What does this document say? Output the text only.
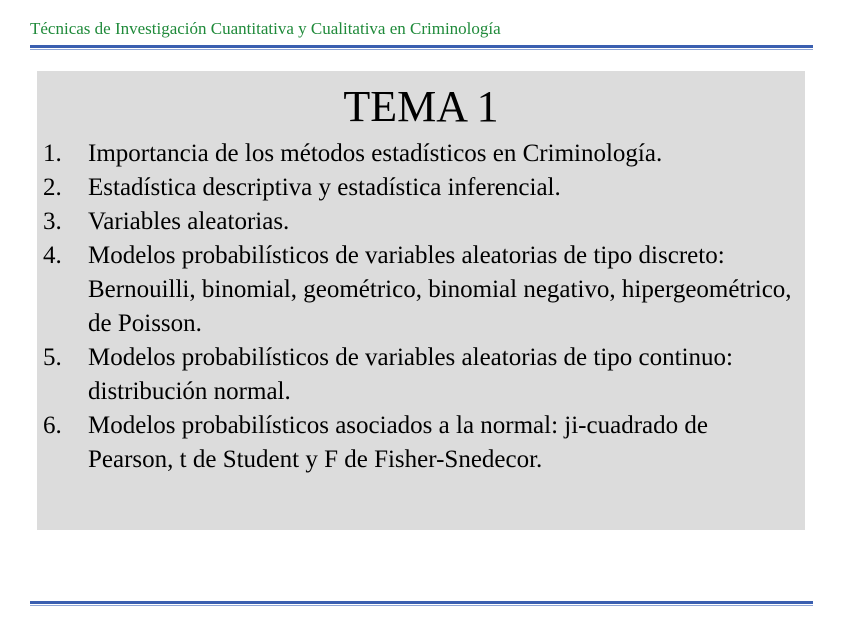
Técnicas de Investigación Cuantitativa y Cualitativa en Criminología
TEMA 1
1. Importancia de los métodos estadísticos en Criminología.
2. Estadística descriptiva y estadística inferencial.
3. Variables aleatorias.
4. Modelos probabilísticos de variables aleatorias de tipo discreto: Bernouilli, binomial, geométrico, binomial negativo, hipergeométrico, de Poisson.
5. Modelos probabilísticos de variables aleatorias de tipo continuo: distribución normal.
6. Modelos probabilísticos asociados a la normal: ji-cuadrado de Pearson, t de Student y F de Fisher-Snedecor.
